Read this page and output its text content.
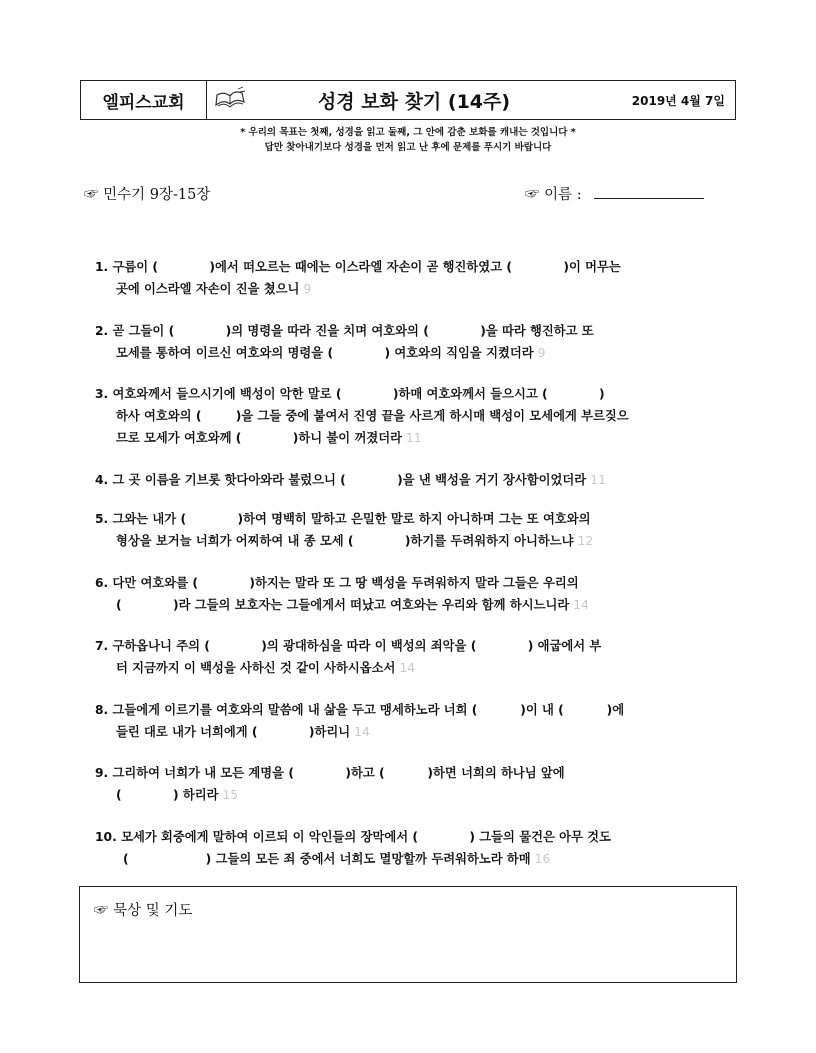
엘피스교회	성경 보화 찾기 (14주)	2019년 4월 7일
* 우리의 목표는 첫째, 성경을 읽고 둘째, 그 안에 감춘 보화를 캐내는 것입니다 *
답만 찾아내기보다 성경을 먼저 읽고 난 후에 문제를 푸시기 바랍니다
☞ 민수기 9장-15장	☞ 이름 :
1. 구름이 (            )에서 떠오르는 때에는 이스라엘 자손이 곧 행진하였고 (            )이 머무는
곳에 이스라엘 자손이 진을 쳤으니 9
2. 곧 그들이 (            )의 명령을 따라 진을 치며 여호와의 (            )을 따라 행진하고 또
모세를 통하여 이르신 여호와의 명령을 (            ) 여호와의 직임을 지켰더라 9
3. 여호와께서 들으시기에 백성이 악한 말로 (            )하매 여호와께서 들으시고 (            )
하사 여호와의 (        )을 그들 중에 붙여서 진영 끝을 사르게 하시매 백성이 모세에게 부르짖으
므로 모세가 여호와께 (            )하니 불이 꺼졌더라 11
4. 그 곳 이름을 기브롯 핫다아와라 불렀으니 (            )을 낸 백성을 거기 장사함이었더라 11
5. 그와는 내가 (            )하여 명백히 말하고 은밀한 말로 하지 아니하며 그는 또 여호와의
형상을 보거늘 너희가 어찌하여 내 종 모세 (            )하기를 두려워하지 아니하느냐 12
6. 다만 여호와를 (            )하지는 말라 또 그 땅 백성을 두려워하지 말라 그들은 우리의
(            )라 그들의 보호자는 그들에게서 떠났고 여호와는 우리와 함께 하시느니라 14
7. 구하옵나니 주의 (            )의 광대하심을 따라 이 백성의 죄악을 (            ) 애굽에서 부
터 지금까지 이 백성을 사하신 것 같이 사하시옵소서 14
8. 그들에게 이르기를 여호와의 말씀에 내 삶을 두고 맹세하노라 너희 (          )이 내 (          )에
들린 대로 내가 너희에게 (            )하리니 14
9. 그리하여 너희가 내 모든 계명을 (            )하고 (          )하면 너희의 하나님 앞에
(            ) 하리라 15
10. 모세가 회중에게 말하여 이르되 이 악인들의 장막에서 (            ) 그들의 물건은 아무 것도
(                  ) 그들의 모든 죄 중에서 너희도 멸망할까 두려워하노라 하매 16
☞ 묵상 및 기도
